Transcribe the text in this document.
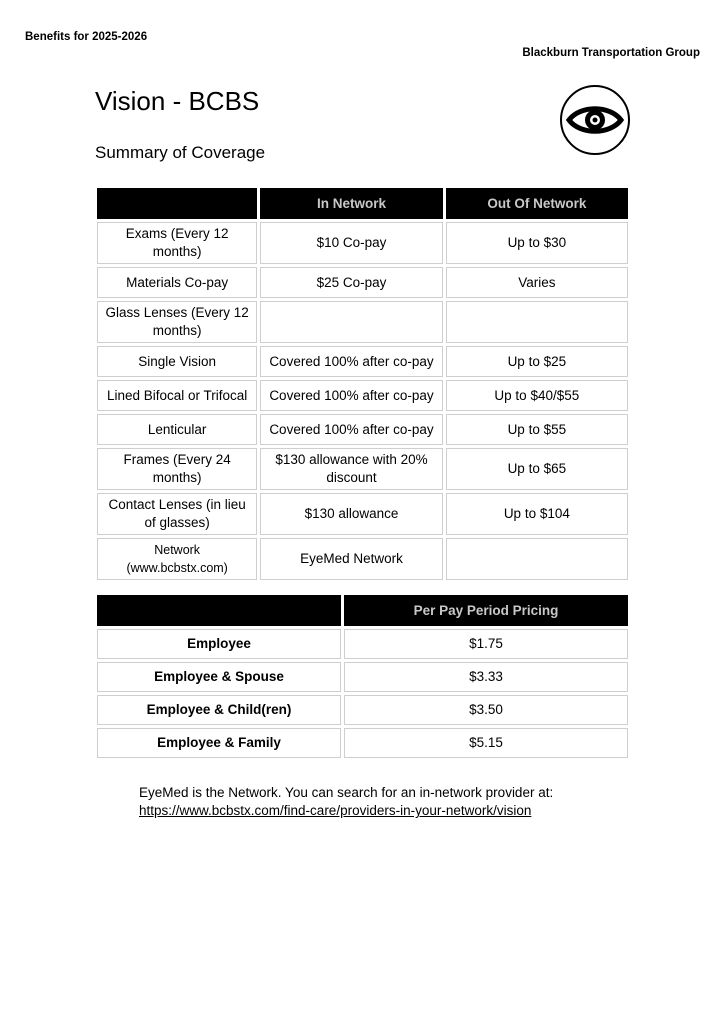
Benefits for 2025-2026
Blackburn Transportation Group
Vision - BCBS
Summary of Coverage
	In Network	Out Of Network
Exams (Every 12 months)	$10 Co-pay	Up to $30
Materials Co-pay	$25 Co-pay	Varies
Glass Lenses (Every 12 months)		
Single Vision	Covered 100% after co-pay	Up to $25
Lined Bifocal or Trifocal	Covered 100% after co-pay	Up to $40/$55
Lenticular	Covered 100% after co-pay	Up to $55
Frames (Every 24 months)	$130 allowance with 20% discount	Up to $65
Contact Lenses (in lieu of glasses)	$130 allowance	Up to $104
Network (www.bcbstx.com)	EyeMed Network	
	Per Pay Period Pricing
Employee	$1.75
Employee & Spouse	$3.33
Employee & Child(ren)	$3.50
Employee & Family	$5.15
EyeMed is the Network. You can search for an in-network provider at:
https://www.bcbstx.com/find-care/providers-in-your-network/vision
